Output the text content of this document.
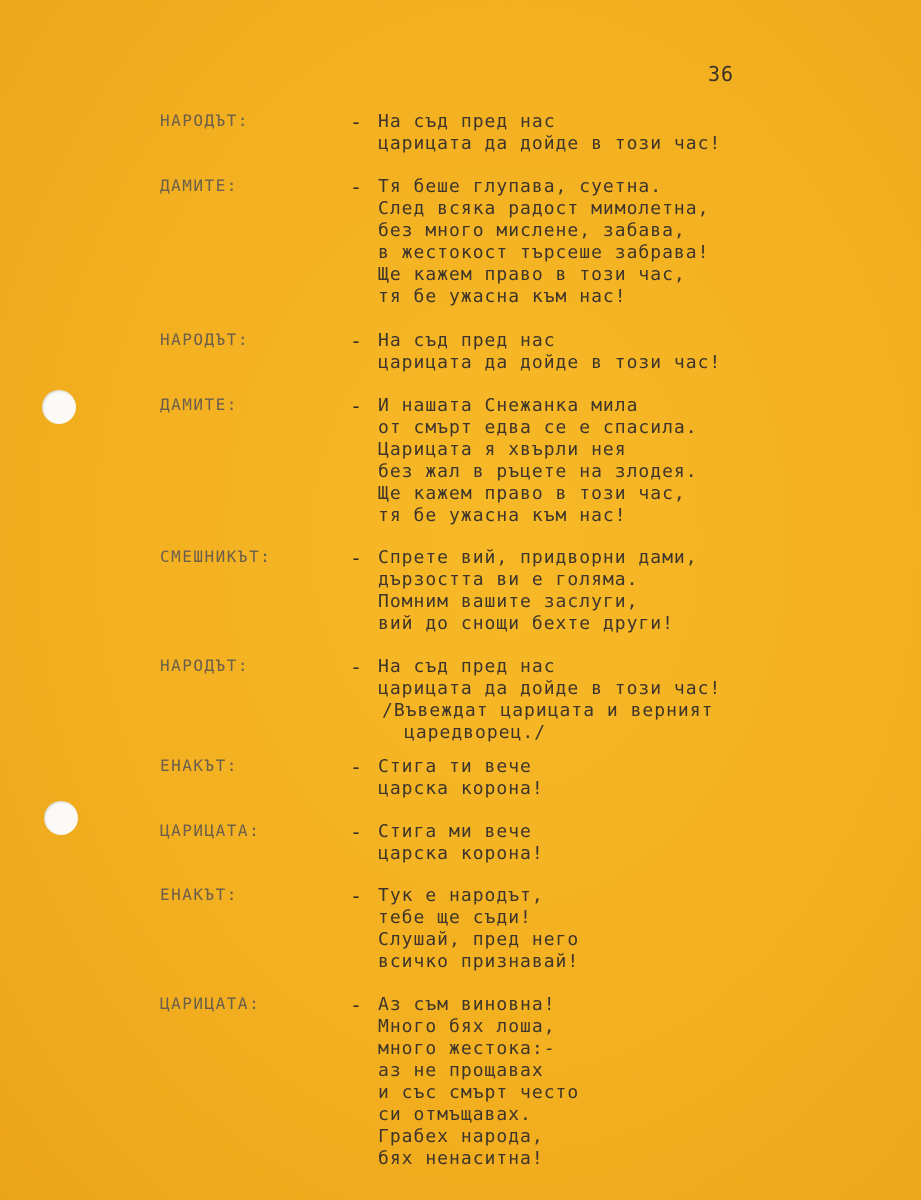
36
НАРОДЪТ:	- На съд пред нас
царицата да дойде в този час!
ДАМИТЕ:	- Тя беше глупава, суетна.
След всяка радост мимолетна,
без много мислене, забава,
в жестокост търсеше забрава!
Ще кажем право в този час,
тя бе ужасна към нас!
НАРОДЪТ:	- На съд пред нас
царицата да дойде в този час!
ДАМИТЕ:	- И нашата Снежанка мила
от смърт едва се е спасила.
Царицата я хвърли нея
без жал в ръцете на злодея.
Ще кажем право в този час,
тя бе ужасна към нас!
СМЕШНИКЪТ:	- Спрете вий, придворни дами,
дързостта ви е голяма.
Помним вашите заслуги,
вий до снощи бехте други!
НАРОДЪТ:	- На съд пред нас
царицата да дойде в този час!
/Въвеждат царицата и верният
царедворец./
ЕНАКЪТ:	- Стига ти вече
царска корона!
ЦАРИЦАТА:	- Стига ми вече
царска корона!
ЕНАКЪТ:	- Тук е народът,
тебе ще съди!
Слушай, пред него
всичко признавай!
ЦАРИЦАТА:	- Аз съм виновна!
Много бях лоша,
много жестока:-
аз не прощавах
и със смърт често
си отмъщавах.
Грабех народа,
бях ненаситна!
